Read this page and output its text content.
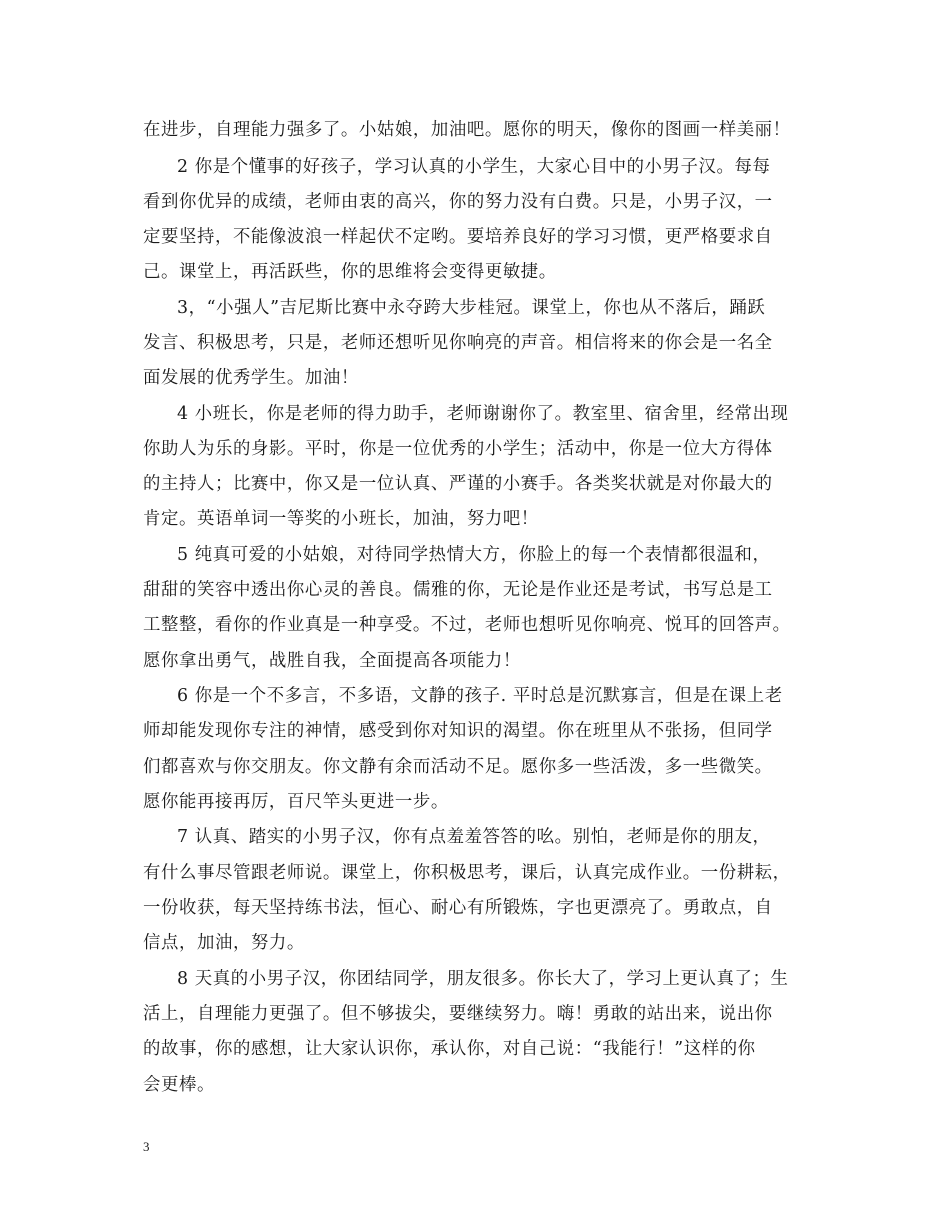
在进步，自理能力强多了。小姑娘，加油吧。愿你的明天，像你的图画一样美丽！
2 你是个懂事的好孩子，学习认真的小学生，大家心目中的小男子汉。每每
看到你优异的成绩，老师由衷的高兴，你的努力没有白费。只是，小男子汉，一
定要坚持，不能像波浪一样起伏不定哟。要培养良好的学习习惯，更严格要求自
己。课堂上，再活跃些，你的思维将会变得更敏捷。
3，“小强人”吉尼斯比赛中永夺跨大步桂冠。课堂上，你也从不落后，踊跃
发言、积极思考，只是，老师还想听见你响亮的声音。相信将来的你会是一名全
面发展的优秀学生。加油！
4 小班长，你是老师的得力助手，老师谢谢你了。教室里、宿舍里，经常出现
你助人为乐的身影。平时，你是一位优秀的小学生；活动中，你是一位大方得体
的主持人；比赛中，你又是一位认真、严谨的小赛手。各类奖状就是对你最大的
肯定。英语单词一等奖的小班长，加油，努力吧！
5 纯真可爱的小姑娘，对待同学热情大方，你脸上的每一个表情都很温和，
甜甜的笑容中透出你心灵的善良。儒雅的你，无论是作业还是考试，书写总是工
工整整，看你的作业真是一种享受。不过，老师也想听见你响亮、悦耳的回答声。
愿你拿出勇气，战胜自我，全面提高各项能力！
6 你是一个不多言，不多语，文静的孩子. 平时总是沉默寡言，但是在课上老
师却能发现你专注的神情，感受到你对知识的渴望。你在班里从不张扬，但同学
们都喜欢与你交朋友。你文静有余而活动不足。愿你多一些活泼，多一些微笑。
愿你能再接再厉，百尺竿头更进一步。
7 认真、踏实的小男子汉，你有点羞羞答答的吆。别怕，老师是你的朋友，
有什么事尽管跟老师说。课堂上，你积极思考，课后，认真完成作业。一份耕耘，
一份收获，每天坚持练书法，恒心、耐心有所锻炼，字也更漂亮了。勇敢点，自
信点，加油，努力。
8 天真的小男子汉，你团结同学，朋友很多。你长大了，学习上更认真了；生
活上，自理能力更强了。但不够拔尖，要继续努力。嗨！勇敢的站出来，说出你
的故事，你的感想，让大家认识你，承认你，对自己说：“我能行！”这样的你
会更棒。
3
